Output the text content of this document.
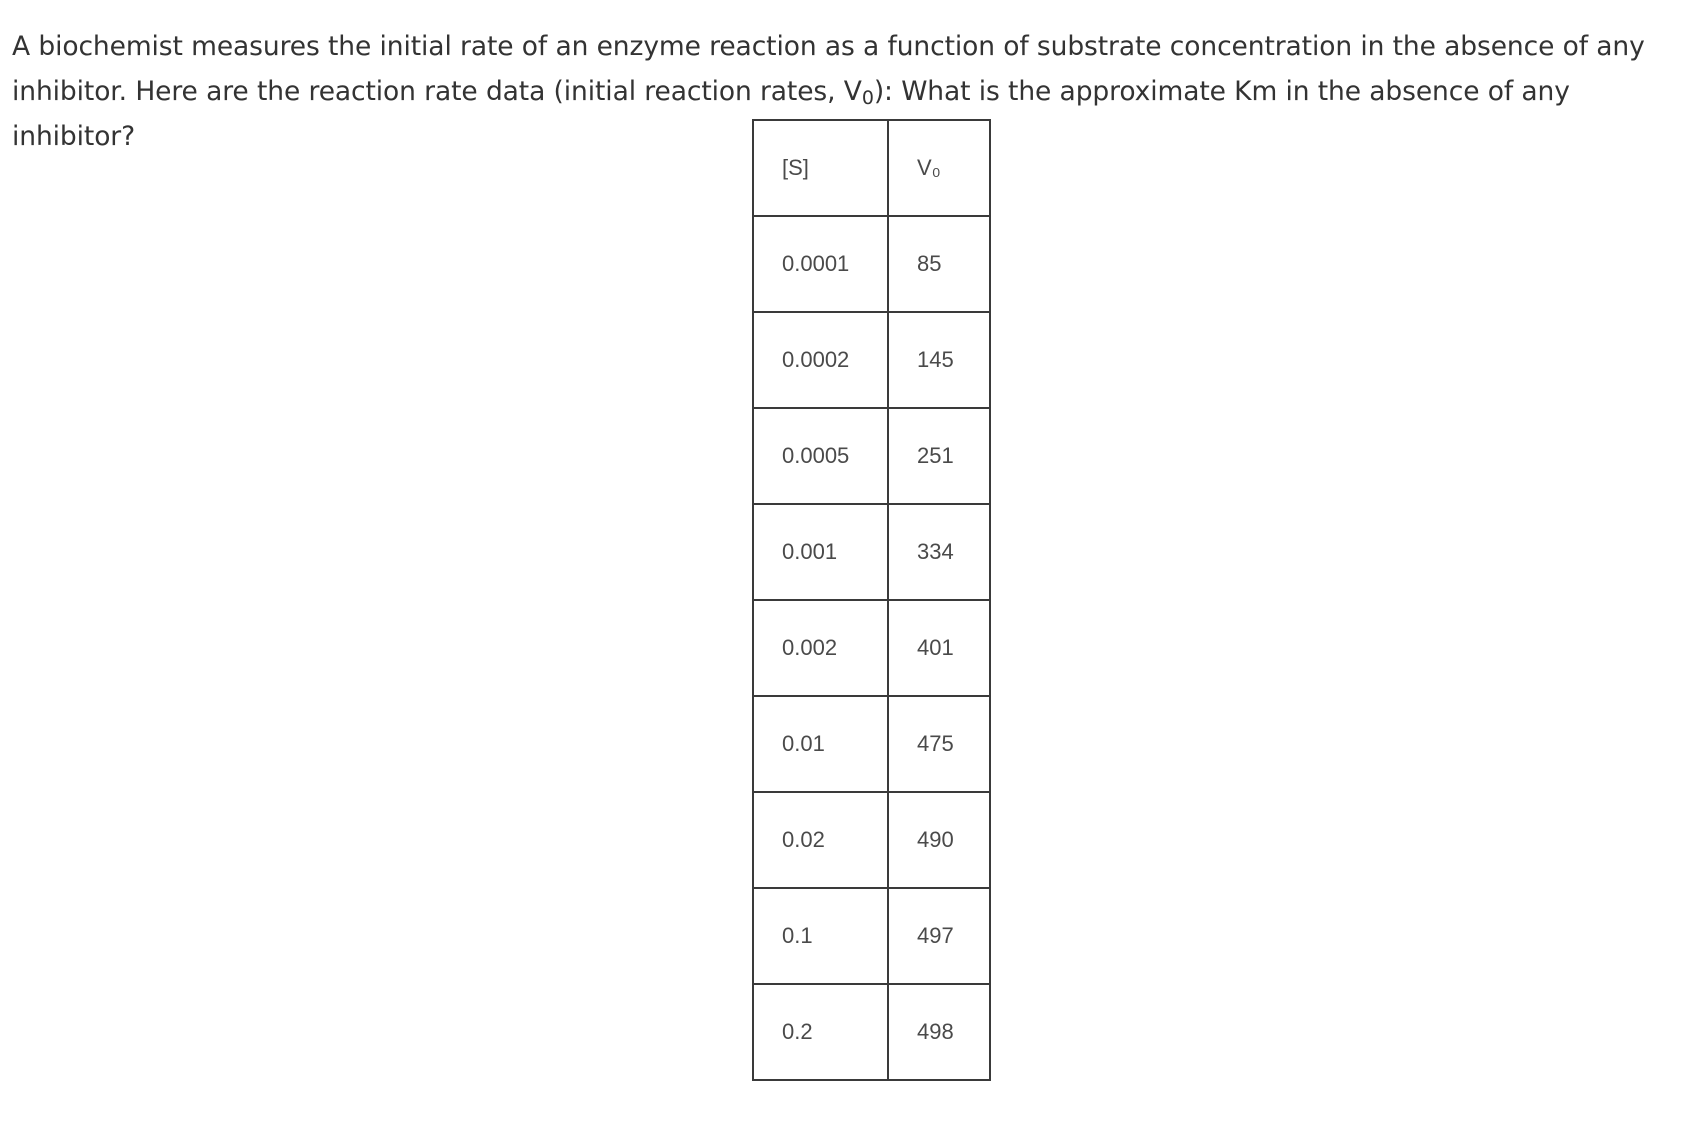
A biochemist measures the initial rate of an enzyme reaction as a function of substrate concentration in the absence of any inhibitor. Here are the reaction rate data (initial reaction rates, $V_0$): What is the approximate Km in the absence of any inhibitor?
[S]	V₀
0.0001	85
0.0002	145
0.0005	251
0.001	334
0.002	401
0.01	475
0.02	490
0.1	497
0.2	498
